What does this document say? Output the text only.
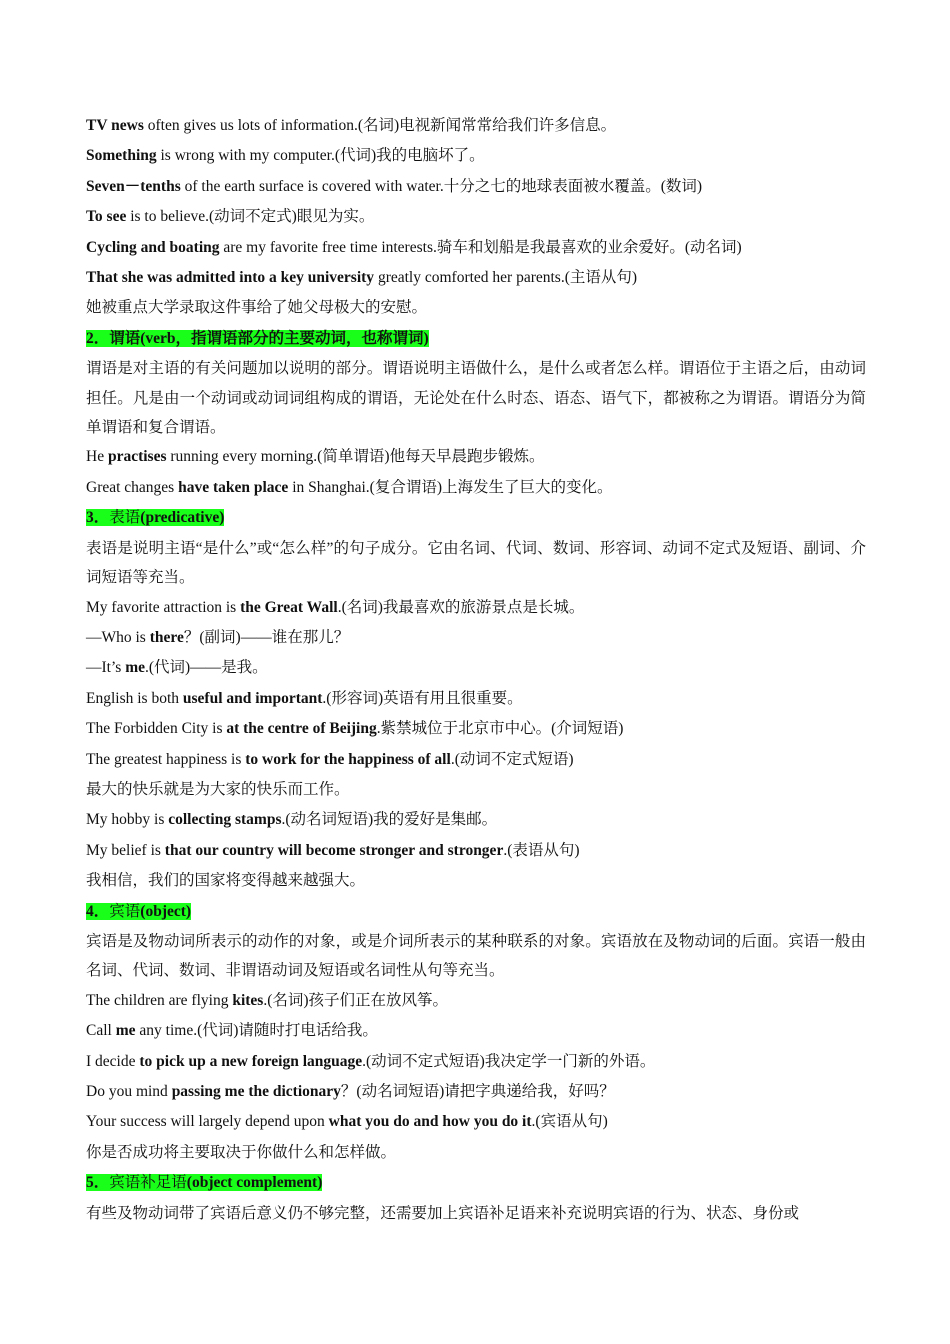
TV news often gives us lots of information.(名词)电视新闻常常给我们许多信息。
Something is wrong with my computer.(代词)我的电脑坏了。
Seven－tenths of the earth surface is covered with water.十分之七的地球表面被水覆盖。(数词)
To see is to believe.(动词不定式)眼见为实。
Cycling and boating are my favorite free time interests.骑车和划船是我最喜欢的业余爱好。(动名词)
That she was admitted into a key university greatly comforted her parents.(主语从句)
她被重点大学录取这件事给了她父母极大的安慰。
2．谓语(verb，指谓语部分的主要动词，也称谓词)
谓语是对主语的有关问题加以说明的部分。谓语说明主语做什么，是什么或者怎么样。谓语位于主语之后，由动词担任。凡是由一个动词或动词词组构成的谓语，无论处在什么时态、语态、语气下，都被称之为谓语。谓语分为简单谓语和复合谓语。
He practises running every morning.(简单谓语)他每天早晨跑步锻炼。
Great changes have taken place in Shanghai.(复合谓语)上海发生了巨大的变化。
3．表语(predicative)
表语是说明主语“是什么”或“怎么样”的句子成分。它由名词、代词、数词、形容词、动词不定式及短语、副词、介词短语等充当。
My favorite attraction is the Great Wall.(名词)我最喜欢的旅游景点是长城。
—Who is there？(副词)——谁在那儿？
—It’s me.(代词)——是我。
English is both useful and important.(形容词)英语有用且很重要。
The Forbidden City is at the centre of Beijing.紫禁城位于北京市中心。(介词短语)
The greatest happiness is to work for the happiness of all.(动词不定式短语)
最大的快乐就是为大家的快乐而工作。
My hobby is collecting stamps.(动名词短语)我的爱好是集邮。
My belief is that our country will become stronger and stronger.(表语从句)
我相信，我们的国家将变得越来越强大。
4．宾语(object)
宾语是及物动词所表示的动作的对象，或是介词所表示的某种联系的对象。宾语放在及物动词的后面。宾语一般由名词、代词、数词、非谓语动词及短语或名词性从句等充当。
The children are flying kites.(名词)孩子们正在放风筝。
Call me any time.(代词)请随时打电话给我。
I decide to pick up a new foreign language.(动词不定式短语)我决定学一门新的外语。
Do you mind passing me the dictionary？(动名词短语)请把字典递给我，好吗？
Your success will largely depend upon what you do and how you do it.(宾语从句)
你是否成功将主要取决于你做什么和怎样做。
5．宾语补足语(object complement)
有些及物动词带了宾语后意义仍不够完整，还需要加上宾语补足语来补充说明宾语的行为、状态、身份或
